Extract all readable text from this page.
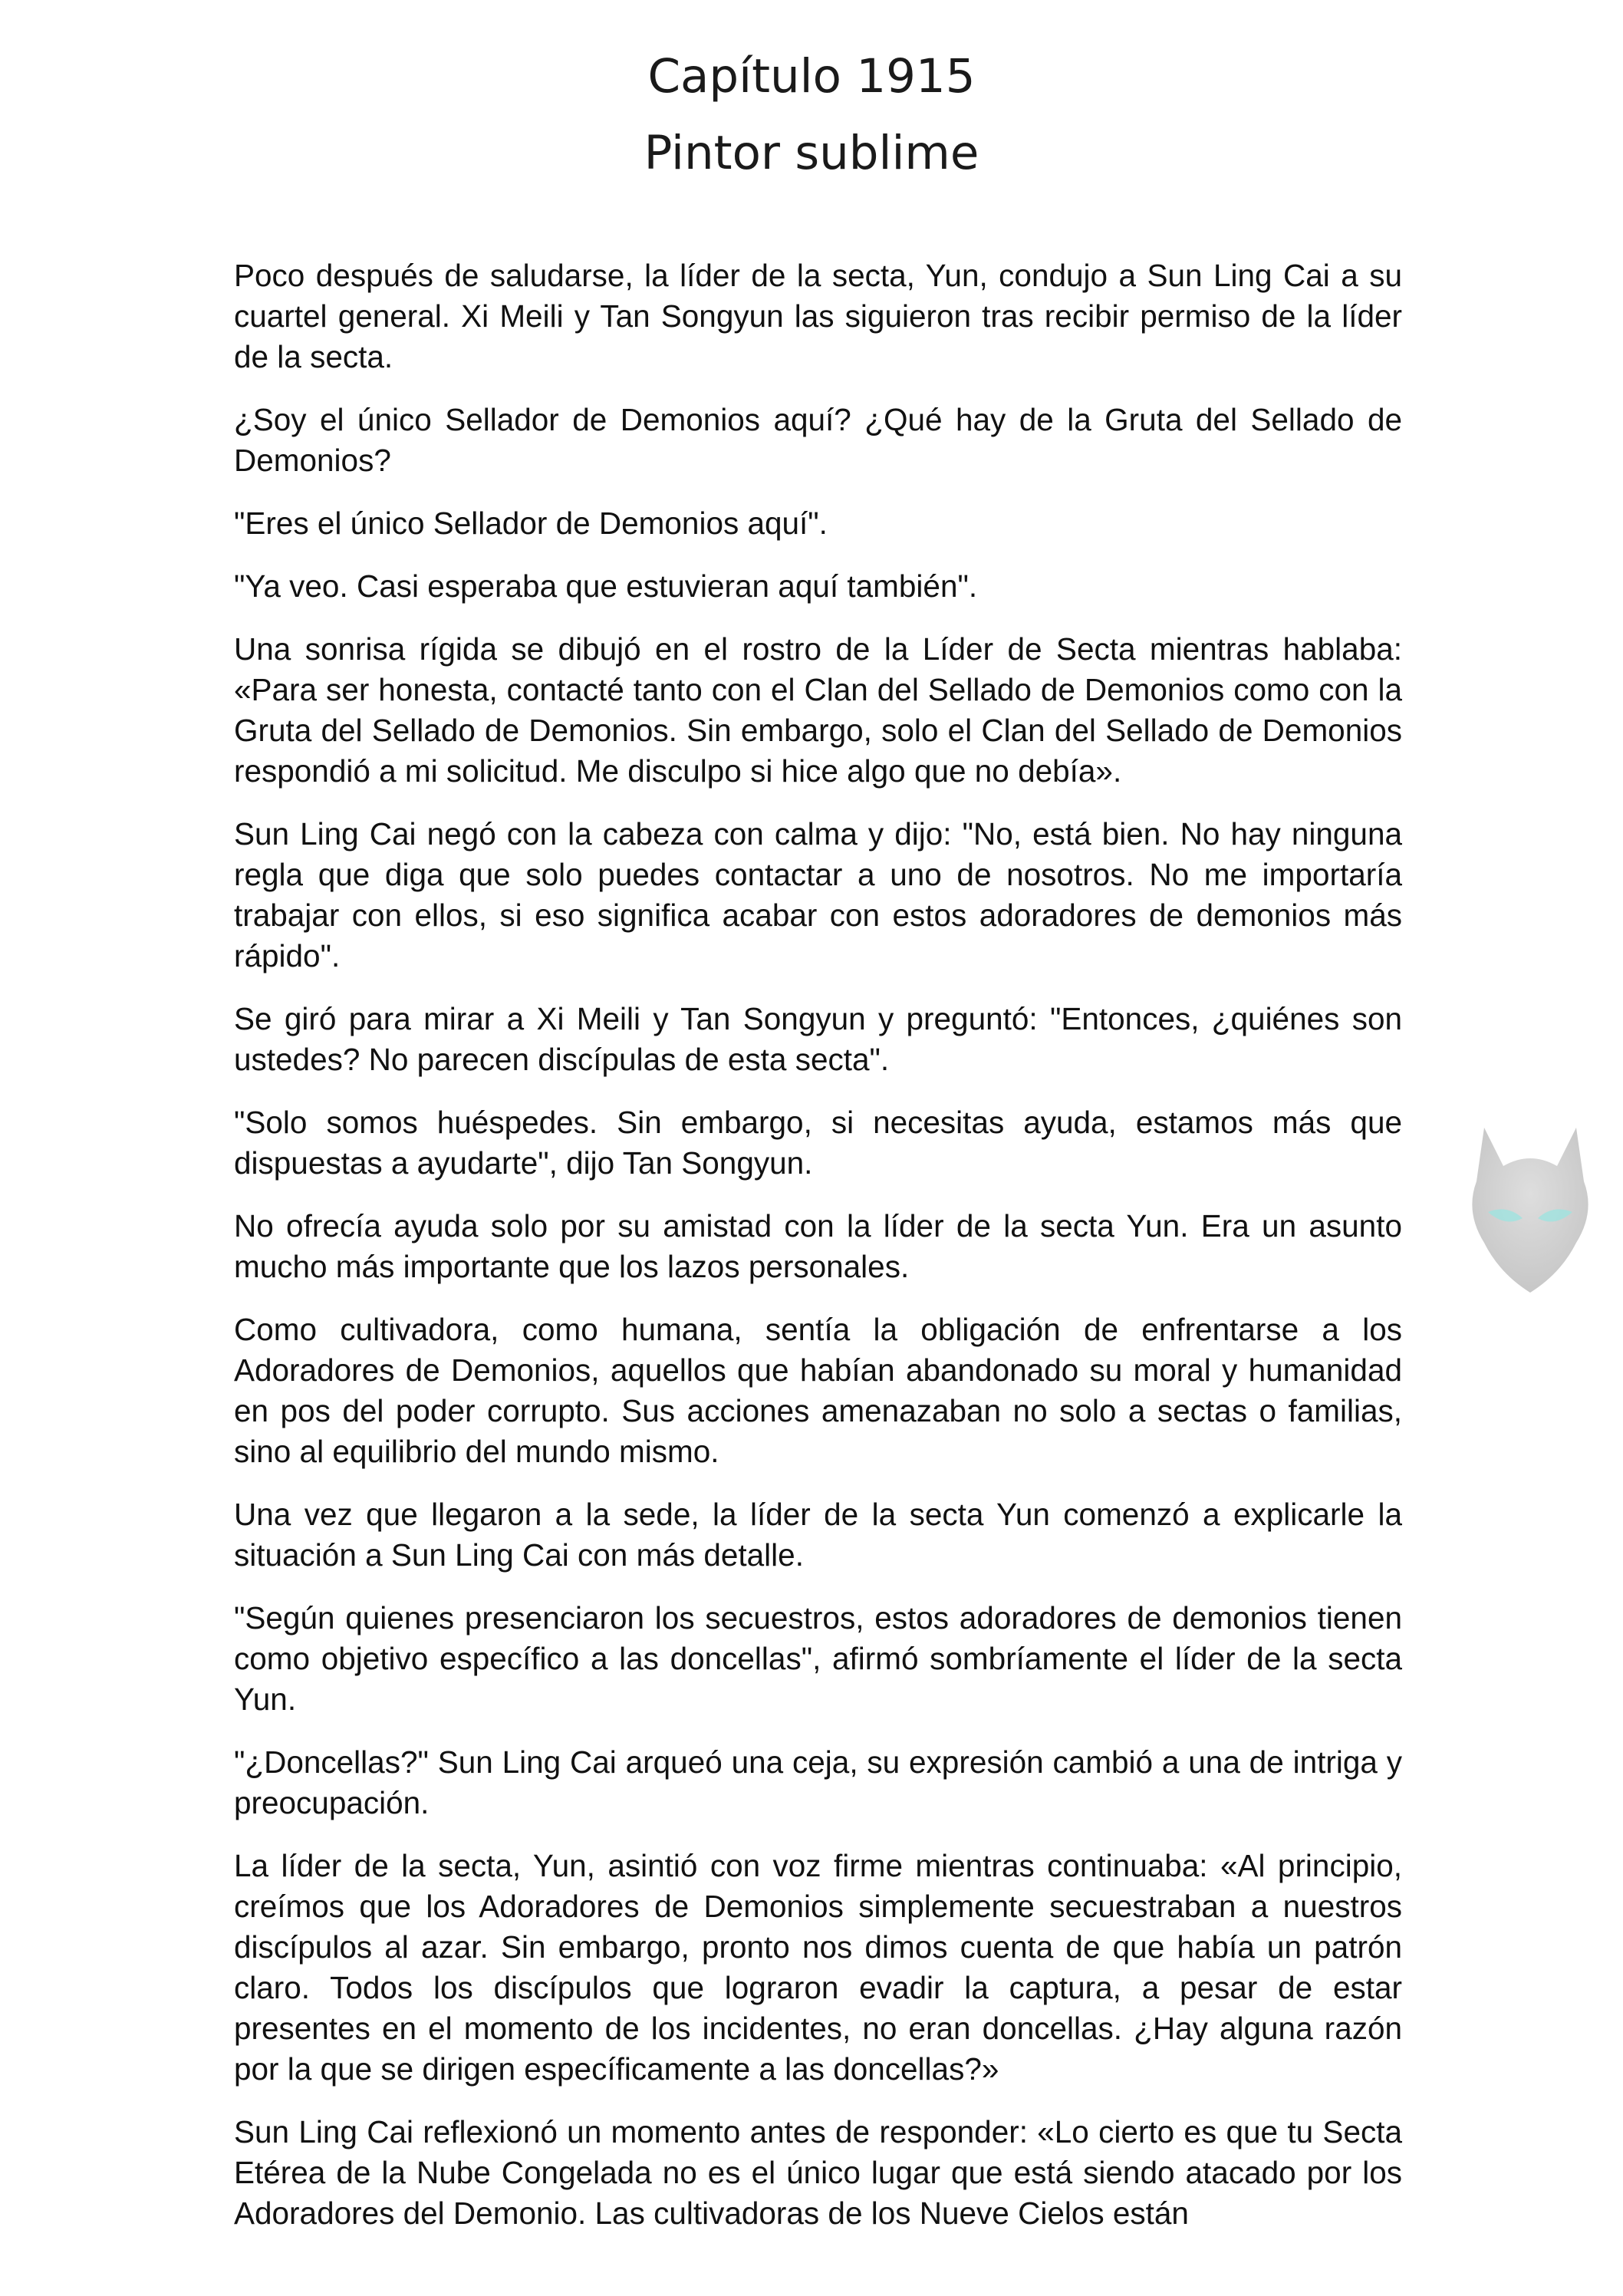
Capítulo 1915
Pintor sublime

Poco después de saludarse, la líder de la secta, Yun, condujo a Sun Ling Cai a su cuartel general. Xi Meili y Tan Songyun las siguieron tras recibir permiso de la líder de la secta.

¿Soy el único Sellador de Demonios aquí? ¿Qué hay de la Gruta del Sellado de Demonios?

"Eres el único Sellador de Demonios aquí".

"Ya veo. Casi esperaba que estuvieran aquí también".

Una sonrisa rígida se dibujó en el rostro de la Líder de Secta mientras hablaba: «Para ser honesta, contacté tanto con el Clan del Sellado de Demonios como con la Gruta del Sellado de Demonios. Sin embargo, solo el Clan del Sellado de Demonios respondió a mi solicitud. Me disculpo si hice algo que no debía».

Sun Ling Cai negó con la cabeza con calma y dijo: "No, está bien. No hay ninguna regla que diga que solo puedes contactar a uno de nosotros. No me importaría trabajar con ellos, si eso significa acabar con estos adoradores de demonios más rápido".

Se giró para mirar a Xi Meili y Tan Songyun y preguntó: "Entonces, ¿quiénes son ustedes? No parecen discípulas de esta secta".

"Solo somos huéspedes. Sin embargo, si necesitas ayuda, estamos más que dispuestas a ayudarte", dijo Tan Songyun.

No ofrecía ayuda solo por su amistad con la líder de la secta Yun. Era un asunto mucho más importante que los lazos personales.

Como cultivadora, como humana, sentía la obligación de enfrentarse a los Adoradores de Demonios, aquellos que habían abandonado su moral y humanidad en pos del poder corrupto. Sus acciones amenazaban no solo a sectas o familias, sino al equilibrio del mundo mismo.

Una vez que llegaron a la sede, la líder de la secta Yun comenzó a explicarle la situación a Sun Ling Cai con más detalle.

"Según quienes presenciaron los secuestros, estos adoradores de demonios tienen como objetivo específico a las doncellas", afirmó sombríamente el líder de la secta Yun.

"¿Doncellas?" Sun Ling Cai arqueó una ceja, su expresión cambió a una de intriga y preocupación.

La líder de la secta, Yun, asintió con voz firme mientras continuaba: «Al principio, creímos que los Adoradores de Demonios simplemente secuestraban a nuestros discípulos al azar. Sin embargo, pronto nos dimos cuenta de que había un patrón claro. Todos los discípulos que lograron evadir la captura, a pesar de estar presentes en el momento de los incidentes, no eran doncellas. ¿Hay alguna razón por la que se dirigen específicamente a las doncellas?»

Sun Ling Cai reflexionó un momento antes de responder: «Lo cierto es que tu Secta Etérea de la Nube Congelada no es el único lugar que está siendo atacado por los Adoradores del Demonio. Las cultivadoras de los Nueve Cielos están
